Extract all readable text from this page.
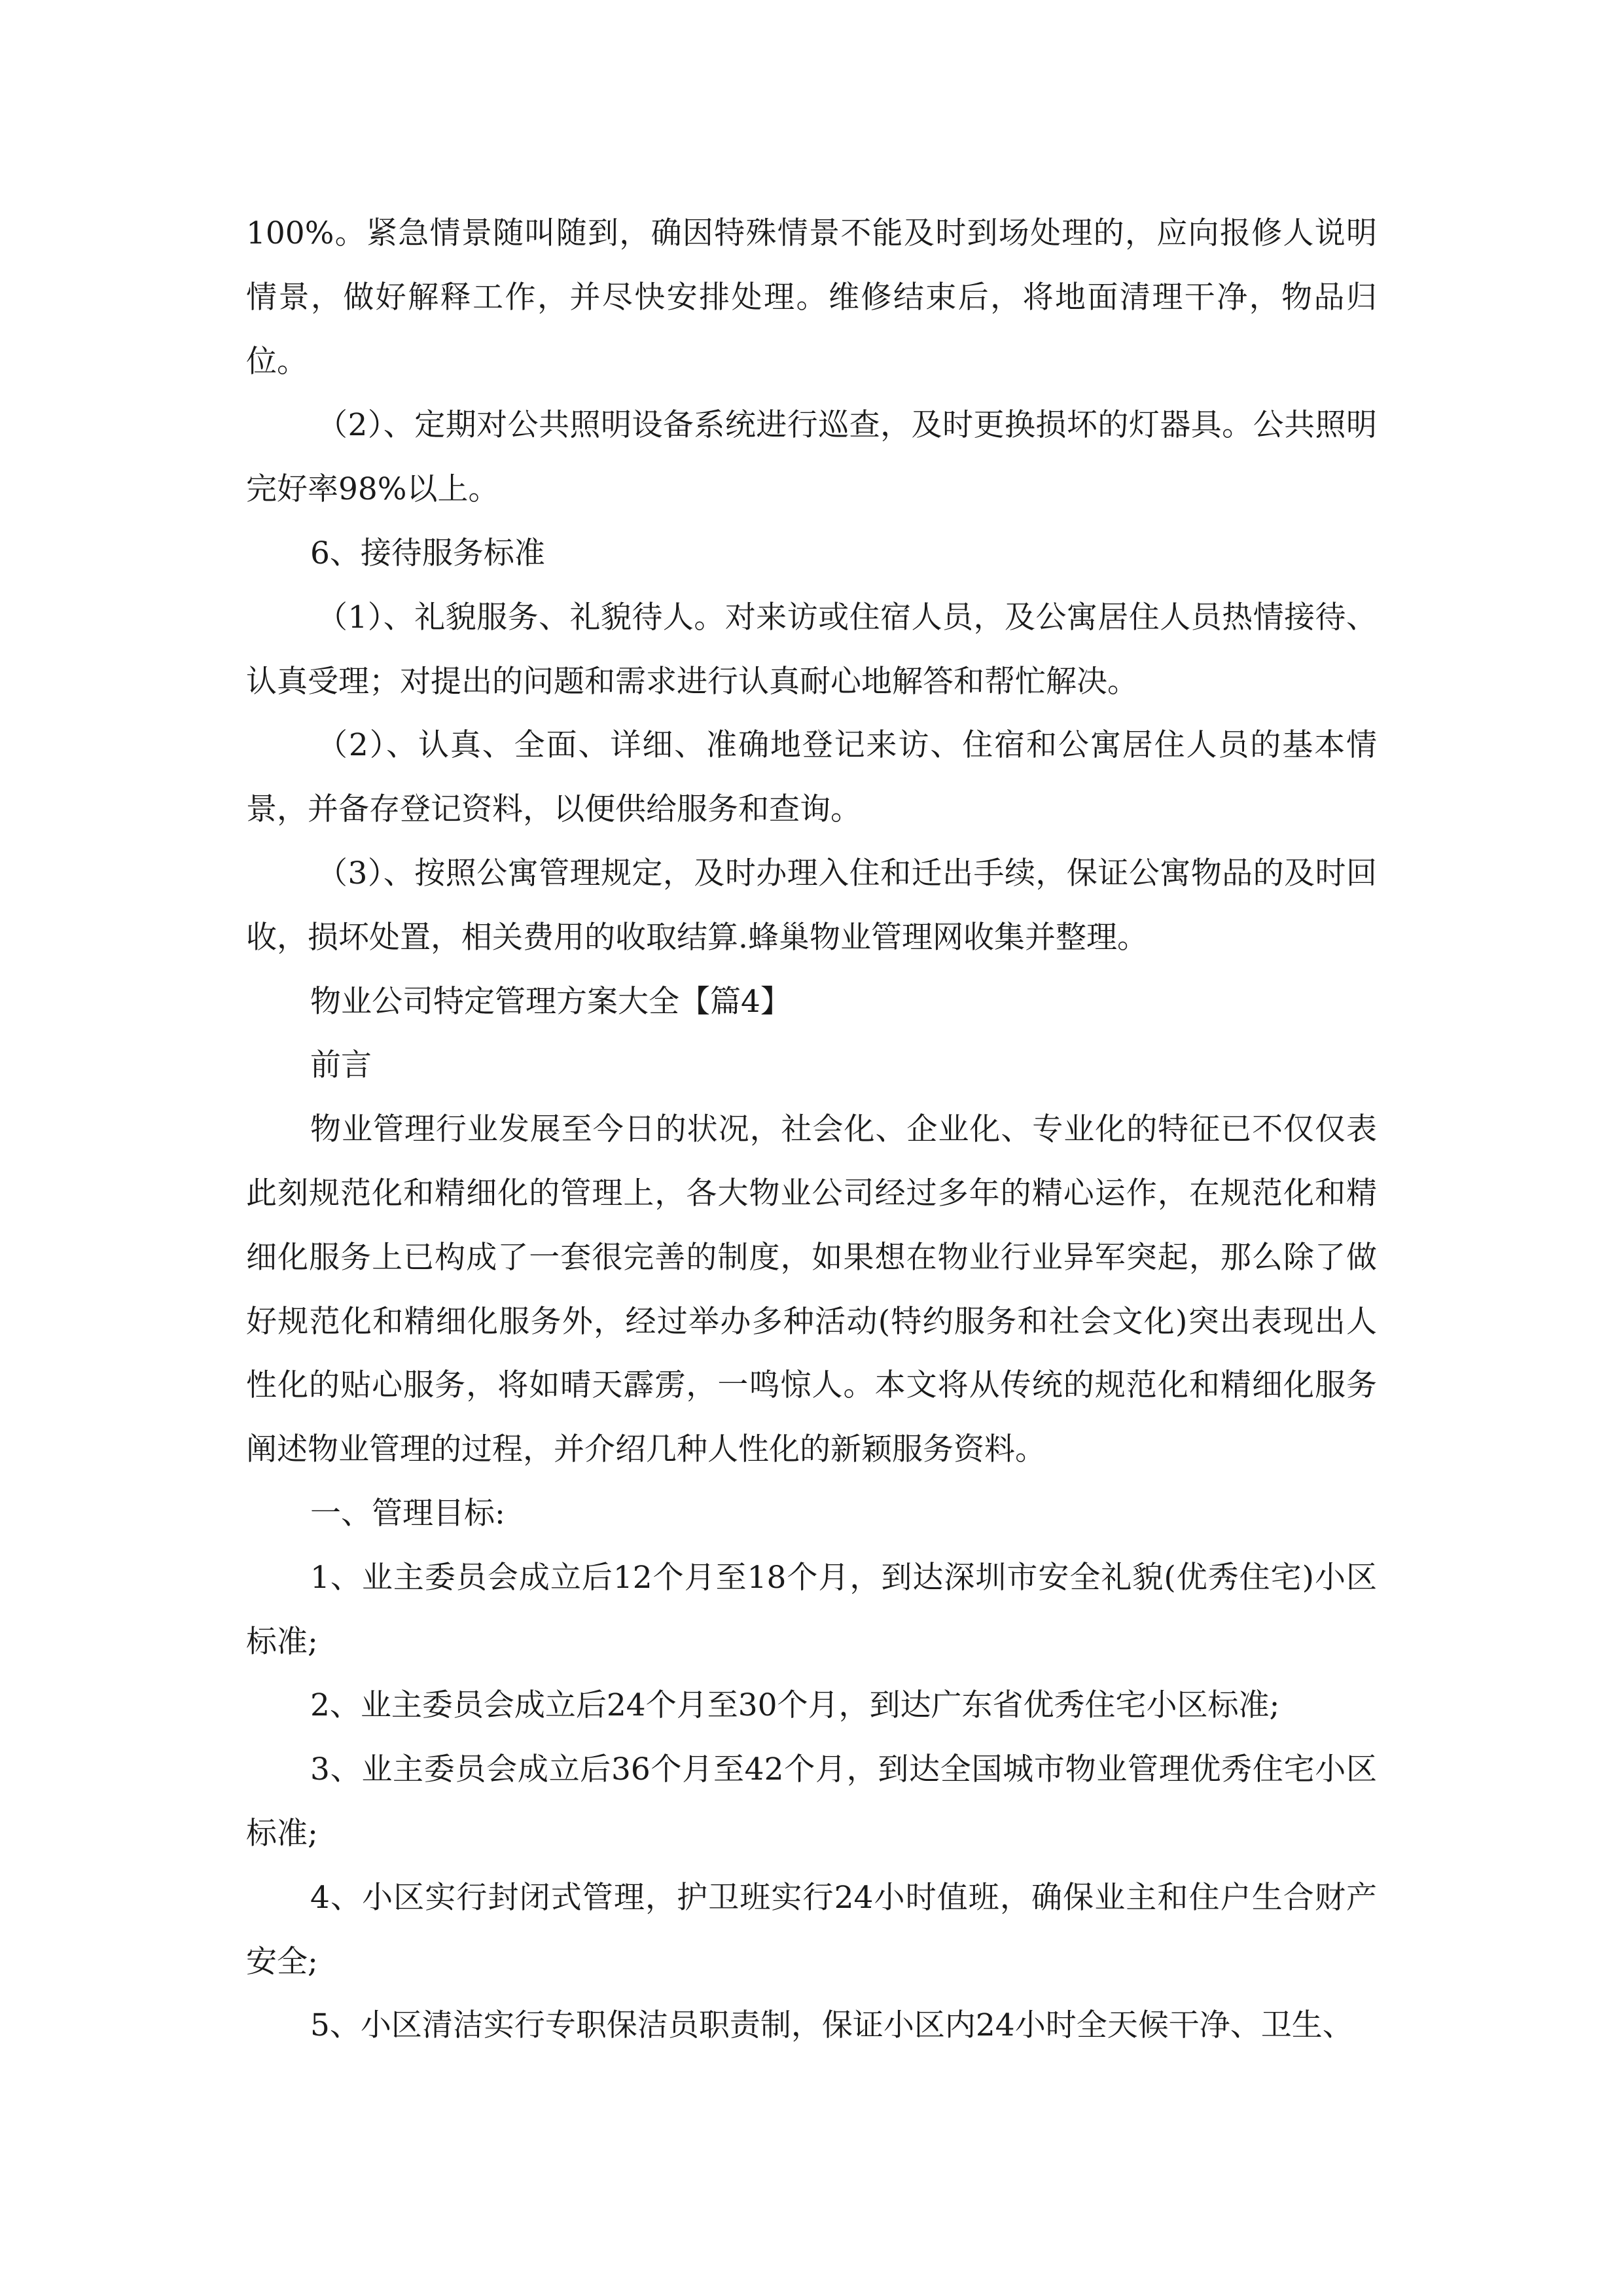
100%。紧急情景随叫随到，确因特殊情景不能及时到场处理的，应向报修人说明情景，做好解释工作，并尽快安排处理。维修结束后，将地面清理干净，物品归位。

（2）、定期对公共照明设备系统进行巡查，及时更换损坏的灯器具。公共照明完好率98%以上。

6、接待服务标准

（1）、礼貌服务、礼貌待人。对来访或住宿人员，及公寓居住人员热情接待、认真受理；对提出的问题和需求进行认真耐心地解答和帮忙解决。

（2）、认真、全面、详细、准确地登记来访、住宿和公寓居住人员的基本情景，并备存登记资料，以便供给服务和查询。

（3）、按照公寓管理规定，及时办理入住和迁出手续，保证公寓物品的及时回收，损坏处置，相关费用的收取结算.蜂巢物业管理网收集并整理。

物业公司特定管理方案大全【篇4】

前言

物业管理行业发展至今日的状况，社会化、企业化、专业化的特征已不仅仅表此刻规范化和精细化的管理上，各大物业公司经过多年的精心运作，在规范化和精细化服务上已构成了一套很完善的制度，如果想在物业行业异军突起，那么除了做好规范化和精细化服务外，经过举办多种活动(特约服务和社会文化)突出表现出人性化的贴心服务，将如晴天霹雳，一鸣惊人。本文将从传统的规范化和精细化服务阐述物业管理的过程，并介绍几种人性化的新颖服务资料。

一、管理目标:

1、业主委员会成立后12个月至18个月，到达深圳市安全礼貌(优秀住宅)小区标准;

2、业主委员会成立后24个月至30个月，到达广东省优秀住宅小区标准;

3、业主委员会成立后36个月至42个月，到达全国城市物业管理优秀住宅小区标准;

4、小区实行封闭式管理，护卫班实行24小时值班，确保业主和住户生合财产安全;

5、小区清洁实行专职保洁员职责制，保证小区内24小时全天候干净、卫生、
